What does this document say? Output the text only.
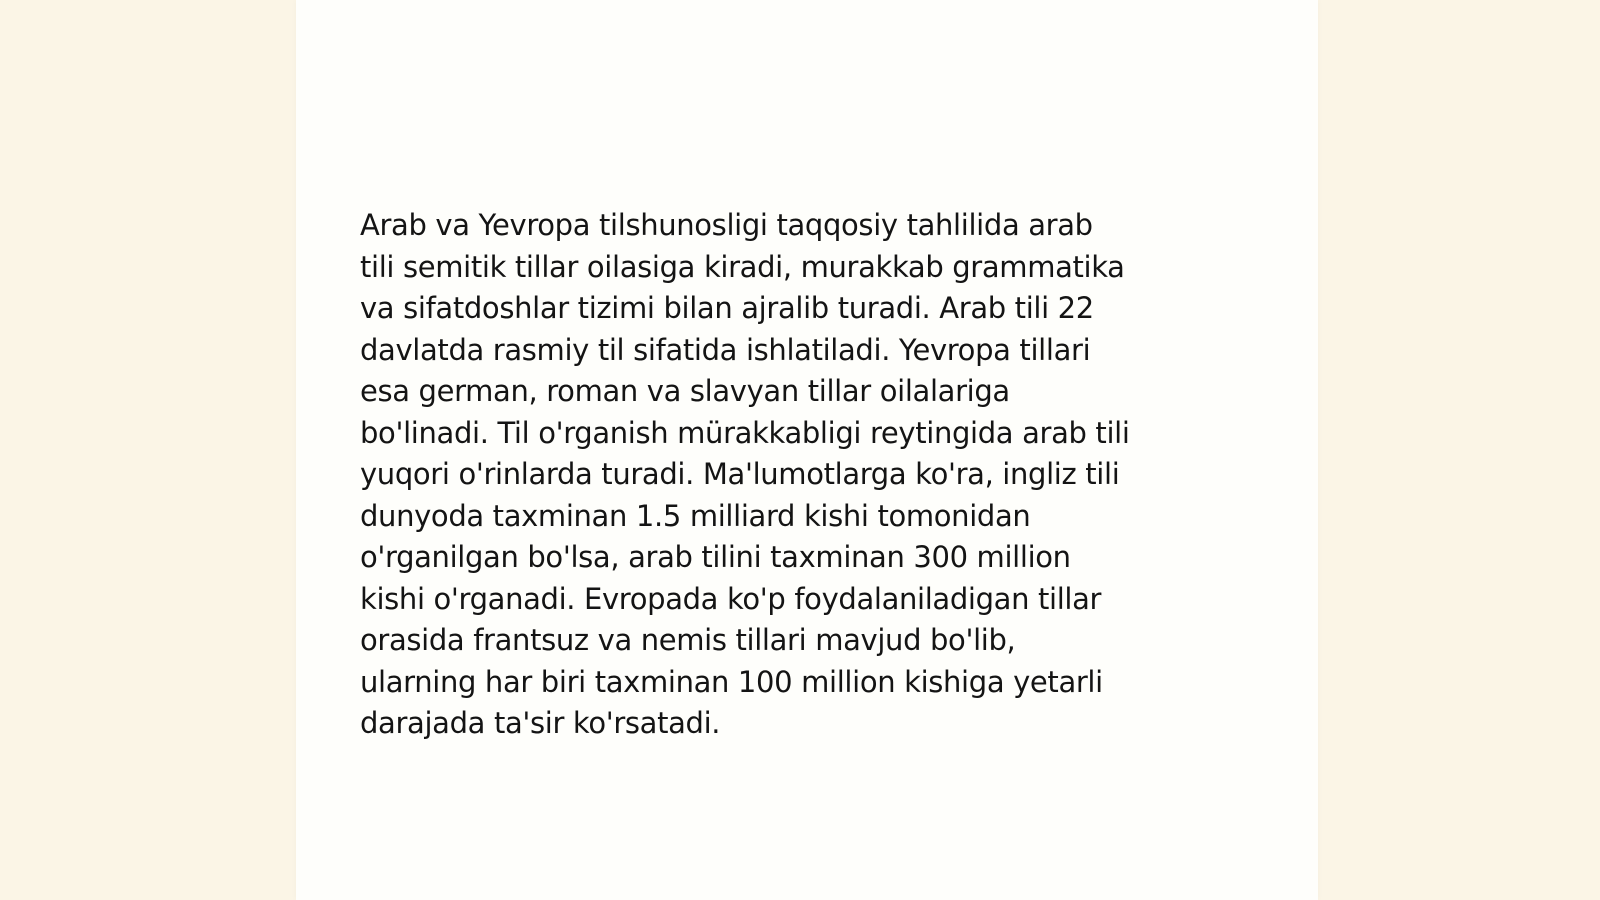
Arab va Yevropa tilshunosligi taqqosiy tahlilida arab
tili semitik tillar oilasiga kiradi, murakkab grammatika
va sifatdoshlar tizimi bilan ajralib turadi. Arab tili 22
davlatda rasmiy til sifatida ishlatiladi. Yevropa tillari
esa german, roman va slavyan tillar oilalariga
bo'linadi. Til o'rganish mürakkabligi reytingida arab tili
yuqori o'rinlarda turadi. Ma'lumotlarga ko'ra, ingliz tili
dunyoda taxminan 1.5 milliard kishi tomonidan
o'rganilgan bo'lsa, arab tilini taxminan 300 million
kishi o'rganadi. Evropada ko'p foydalaniladigan tillar
orasida frantsuz va nemis tillari mavjud bo'lib,
ularning har biri taxminan 100 million kishiga yetarli
darajada ta'sir ko'rsatadi.
